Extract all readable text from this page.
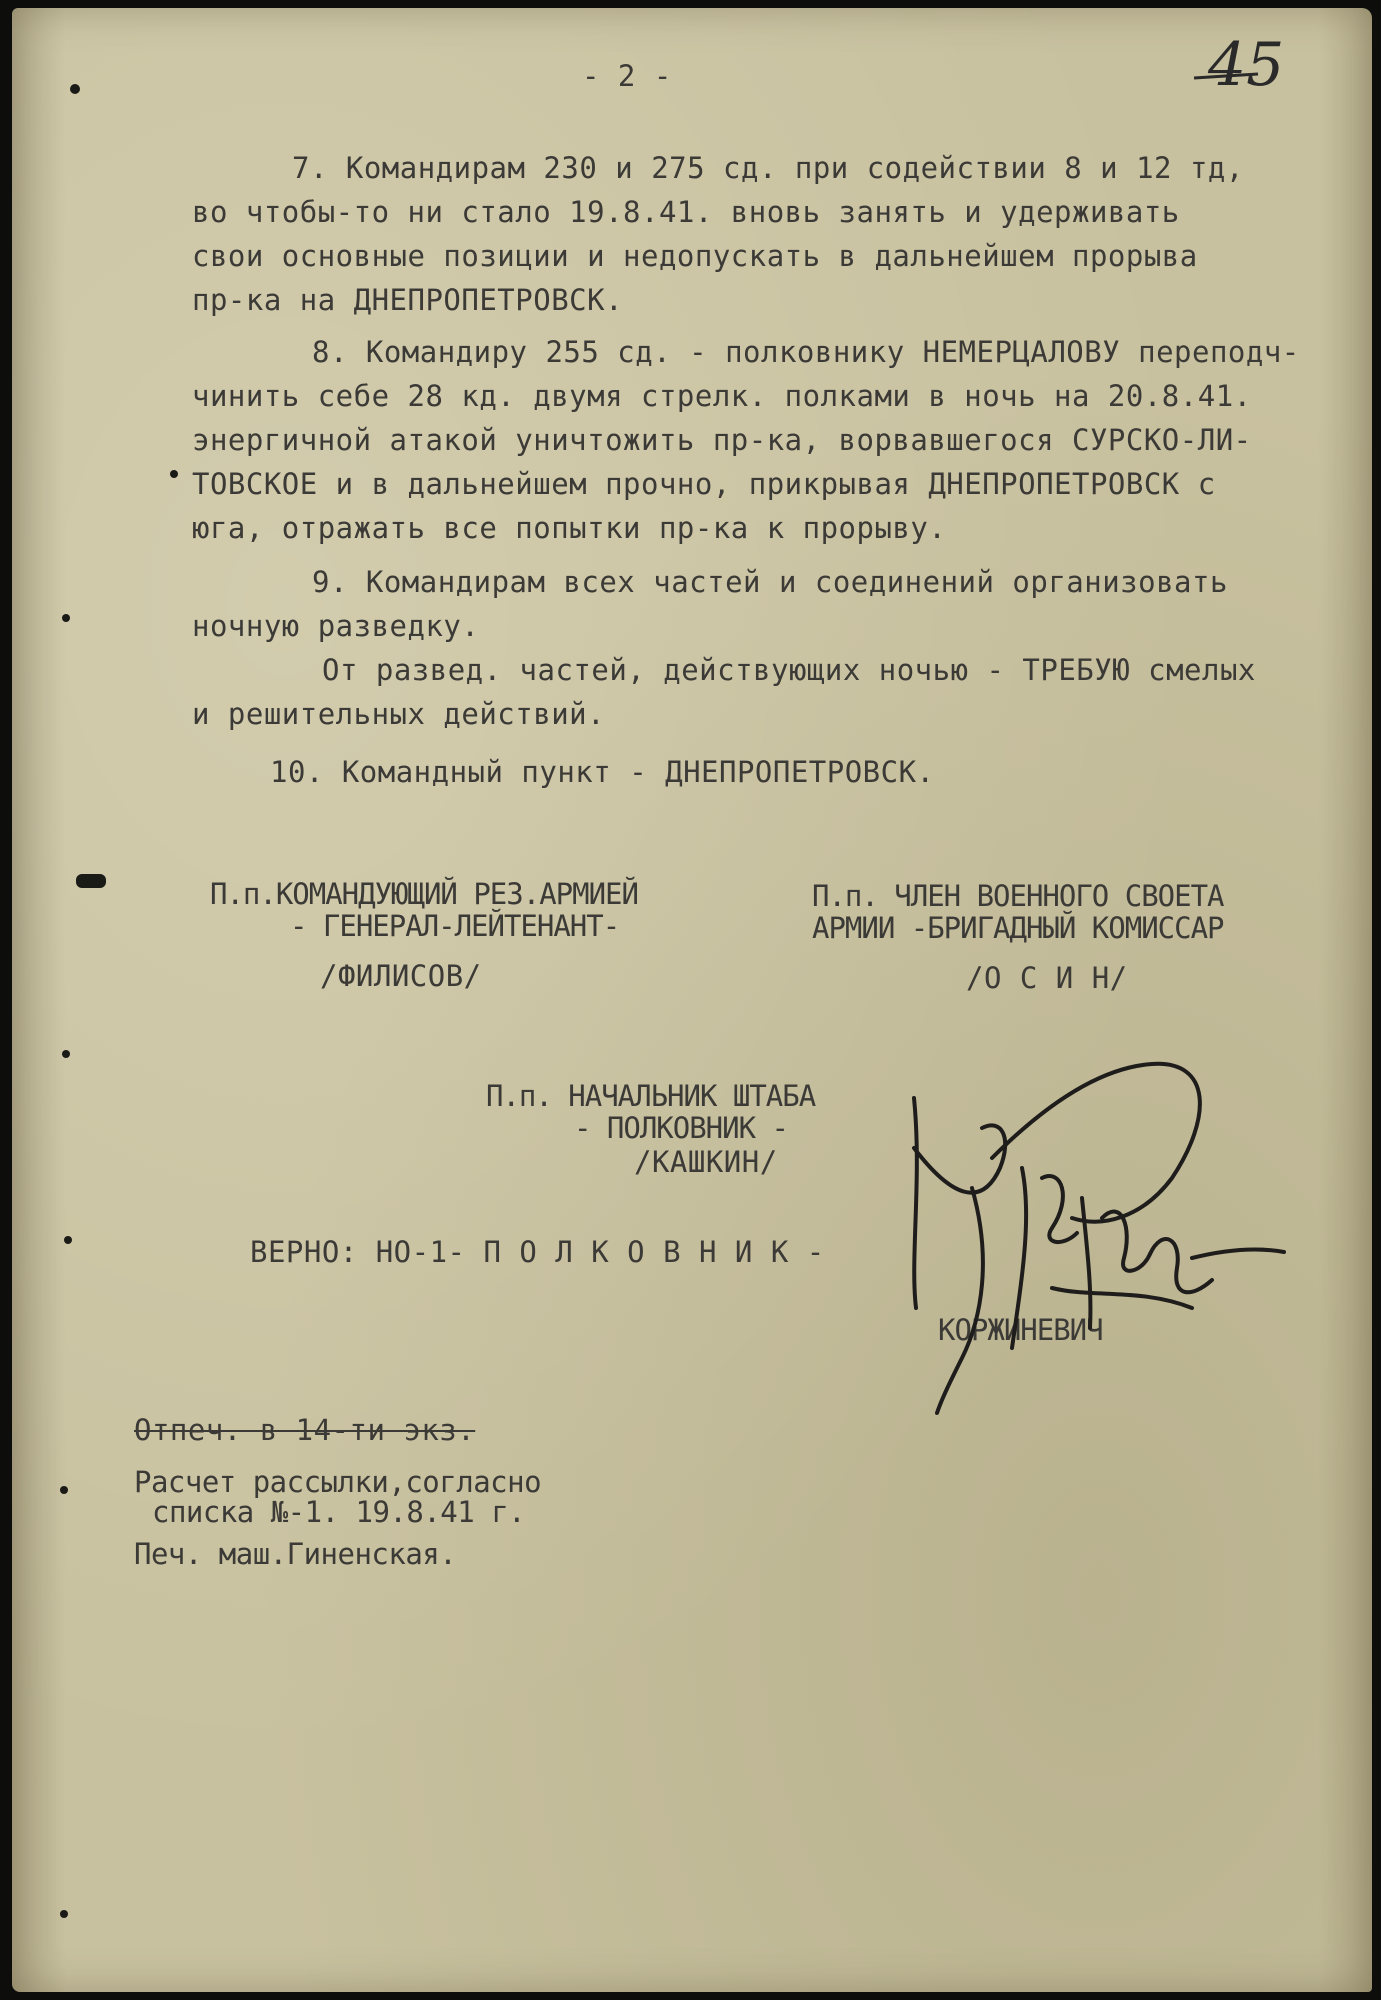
- 2 -	45
7. Командирам 230 и 275 сд. при содействии 8 и 12 тд,
во чтобы-то ни стало 19.8.41. вновь занять и удерживать
свои основные позиции и недопускать в дальнейшем прорыва
пр-ка на ДНЕПРОПЕТРОВСК.
8. Командиру 255 сд. - полковнику НЕМЕРЦАЛОВУ переподч-
чинить себе 28 кд. двумя стрелк. полками в ночь на 20.8.41.
энергичной атакой уничтожить пр-ка, ворвавшегося СУРСКО-ЛИ-
ТОВСКОЕ и в дальнейшем прочно, прикрывая ДНЕПРОПЕТРОВСК с
юга, отражать все попытки пр-ка к прорыву.
9. Командирам всех частей и соединений организовать
ночную разведку.
От развед. частей, действующих ночью - ТРЕБУЮ смелых
и решительных действий.
10. Командный пункт - ДНЕПРОПЕТРОВСК.
П.п.КОМАНДУЮЩИЙ РЕЗ.АРМИЕЙ
- ГЕНЕРАЛ-ЛЕЙТЕНАНТ-
/ФИЛИСОВ/
П.п. ЧЛЕН ВОЕННОГО СВОЕТА
АРМИИ -БРИГАДНЫЙ КОМИССАР
/О С И Н/
П.п. НАЧАЛЬНИК ШТАБА
- ПОЛКОВНИК -
/КАШКИН/
ВЕРНО: НО-1- П О Л К О В Н И К -
КОРЖИНЕВИЧ
Отпеч. в 14-ти экз.
Расчет рассылки,согласно
списка №-1. 19.8.41 г.
Печ. маш.Гиненская.
